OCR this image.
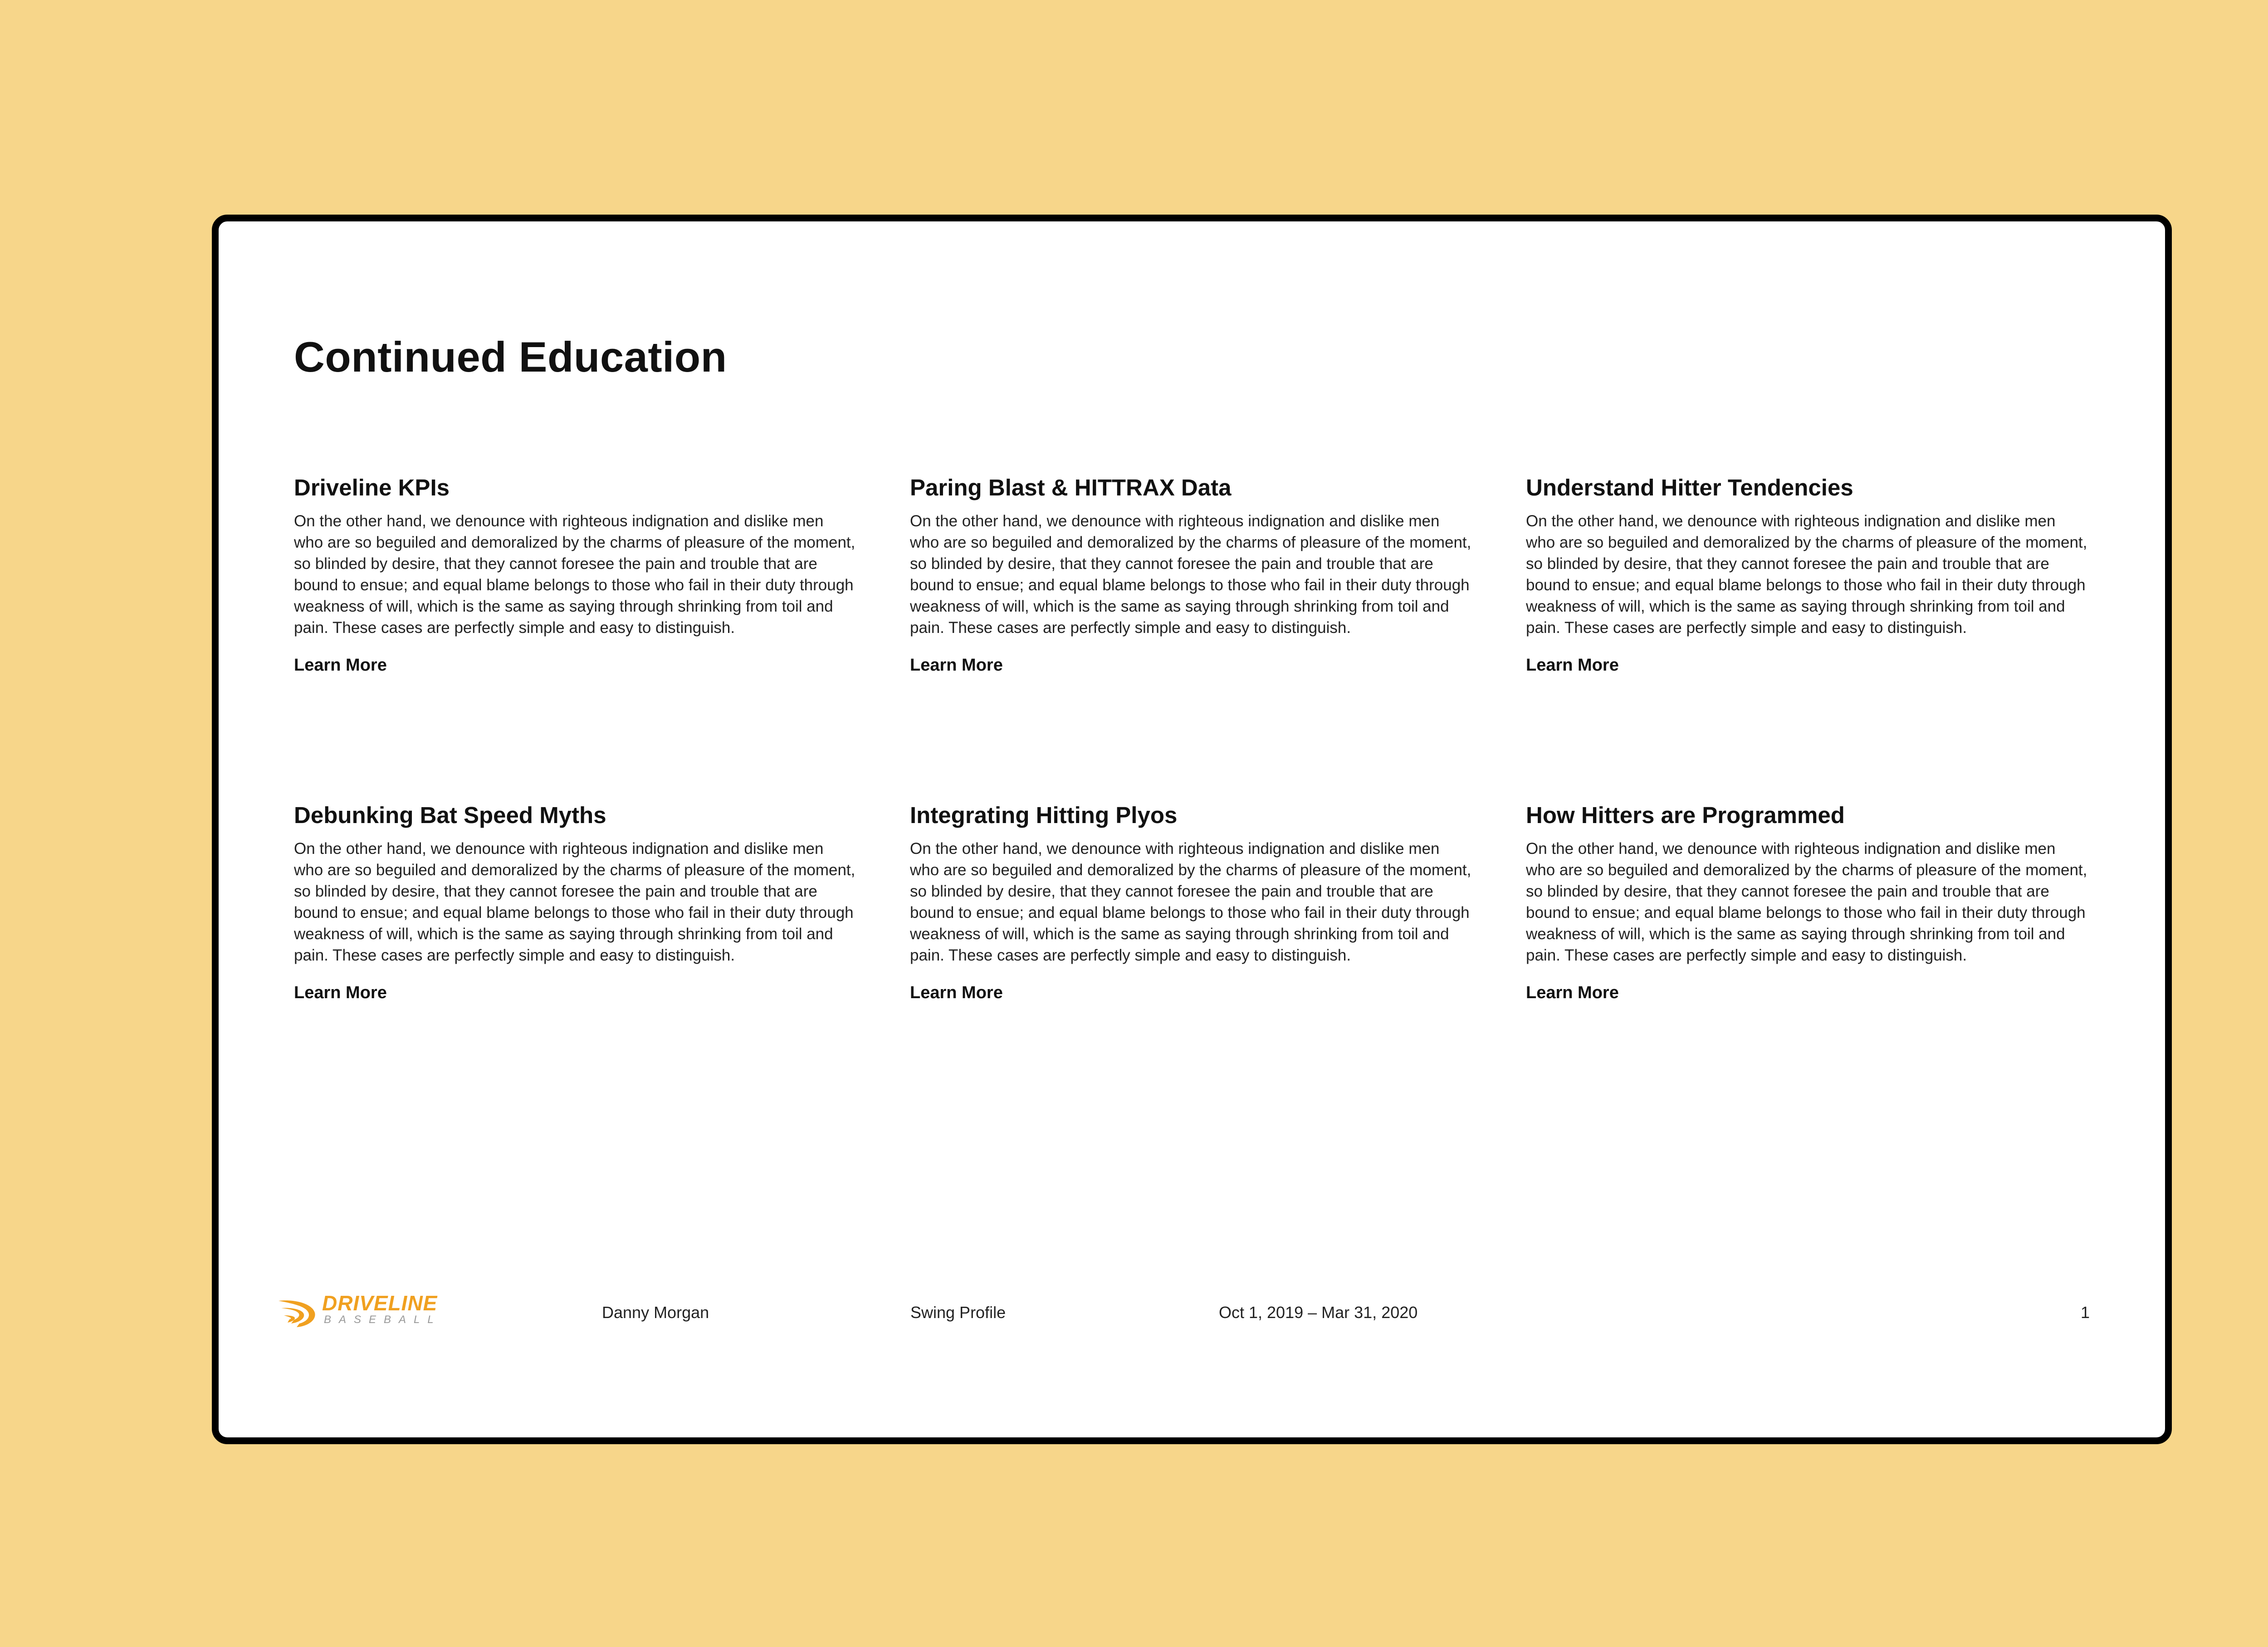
Continued Education
Driveline KPIs

On the other hand, we denounce with righteous indignation and dislike men who are so beguiled and demoralized by the charms of pleasure of the moment, so blinded by desire, that they cannot foresee the pain and trouble that are bound to ensue; and equal blame belongs to those who fail in their duty through weakness of will, which is the same as saying through shrinking from toil and pain. These cases are perfectly simple and easy to distinguish.

Learn More
Paring Blast & HITTRAX Data

On the other hand, we denounce with righteous indignation and dislike men who are so beguiled and demoralized by the charms of pleasure of the moment, so blinded by desire, that they cannot foresee the pain and trouble that are bound to ensue; and equal blame belongs to those who fail in their duty through weakness of will, which is the same as saying through shrinking from toil and pain. These cases are perfectly simple and easy to distinguish.

Learn More
Understand Hitter Tendencies

On the other hand, we denounce with righteous indignation and dislike men who are so beguiled and demoralized by the charms of pleasure of the moment, so blinded by desire, that they cannot foresee the pain and trouble that are bound to ensue; and equal blame belongs to those who fail in their duty through weakness of will, which is the same as saying through shrinking from toil and pain. These cases are perfectly simple and easy to distinguish.

Learn More
Debunking Bat Speed Myths

On the other hand, we denounce with righteous indignation and dislike men who are so beguiled and demoralized by the charms of pleasure of the moment, so blinded by desire, that they cannot foresee the pain and trouble that are bound to ensue; and equal blame belongs to those who fail in their duty through weakness of will, which is the same as saying through shrinking from toil and pain. These cases are perfectly simple and easy to distinguish.

Learn More
Integrating Hitting Plyos

On the other hand, we denounce with righteous indignation and dislike men who are so beguiled and demoralized by the charms of pleasure of the moment, so blinded by desire, that they cannot foresee the pain and trouble that are bound to ensue; and equal blame belongs to those who fail in their duty through weakness of will, which is the same as saying through shrinking from toil and pain. These cases are perfectly simple and easy to distinguish.

Learn More
How Hitters are Programmed

On the other hand, we denounce with righteous indignation and dislike men who are so beguiled and demoralized by the charms of pleasure of the moment, so blinded by desire, that they cannot foresee the pain and trouble that are bound to ensue; and equal blame belongs to those who fail in their duty through weakness of will, which is the same as saying through shrinking from toil and pain. These cases are perfectly simple and easy to distinguish.

Learn More
DRIVELINE
BASEBALL	Danny Morgan	Swing Profile	Oct 1, 2019 – Mar 31, 2020	1
